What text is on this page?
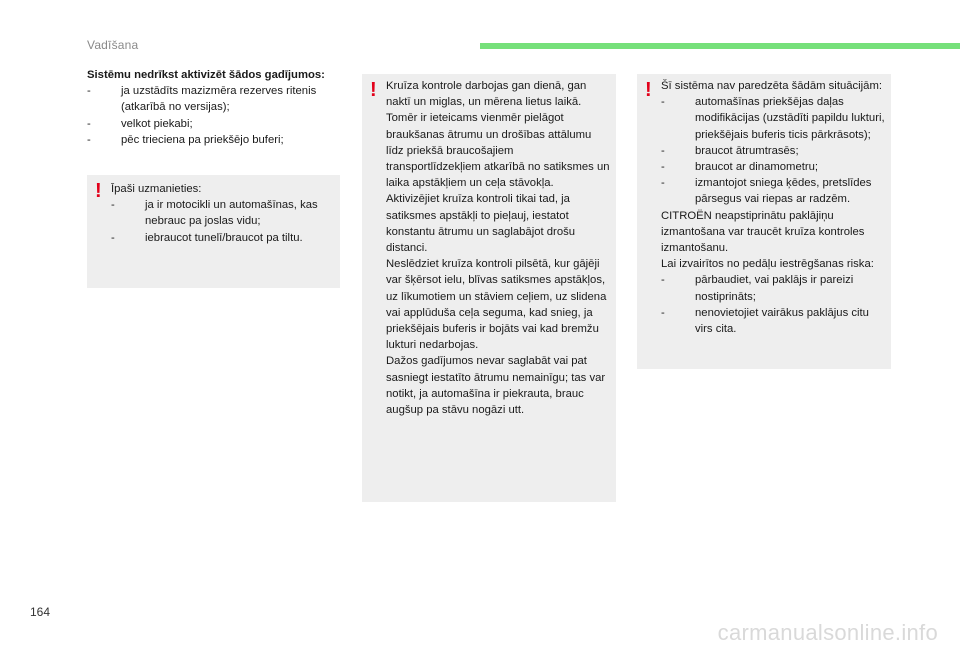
Vadīšana
Sistēmu nedrīkst aktivizēt šādos gadījumos:
-	ja uzstādīts mazizmēra rezerves ritenis (atkarībā no versijas);
-	velkot piekabi;
-	pēc trieciena pa priekšējo buferi;
! Īpaši uzmanieties:

-	ja ir motocikli un automašīnas, kas nebrauc pa joslas vidu;
-	iebraucot tunelī/braucot pa tiltu.
! Kruīza kontrole darbojas gan dienā, gan naktī un miglas, un mērena lietus laikā.

Tomēr ir ieteicams vienmēr pielāgot braukšanas ātrumu un drošības attālumu līdz priekšā braucošajiem transportlīdzekļiem atkarībā no satiksmes un laika apstākļiem un ceļa stāvokļa.

Aktivizējiet kruīza kontroli tikai tad, ja satiksmes apstākļi to pieļauj, iestatot konstantu ātrumu un saglabājot drošu distanci.

Neslēdziet kruīza kontroli pilsētā, kur gājēji var šķērsot ielu, blīvas satiksmes apstākļos, uz līkumotiem un stāviem ceļiem, uz slidena vai applūduša ceļa seguma, kad snieg, ja priekšējais buferis ir bojāts vai kad bremžu lukturi nedarbojas.

Dažos gadījumos nevar saglabāt vai pat sasniegt iestatīto ātrumu nemainīgu; tas var notikt, ja automašīna ir piekrauta, brauc augšup pa stāvu nogāzi utt.

! Šī sistēma nav paredzēta šādām situācijām:

-	automašīnas priekšējas daļas modifikācijas (uzstādīti papildu lukturi, priekšējais buferis ticis pārkrāsots);
-	braucot ātrumtrasēs;
-	braucot ar dinamometru;
-	izmantojot sniega ķēdes, pretslīdes pārsegus vai riepas ar radzēm.

CITROËN neapstiprinātu paklājiņu izmantošana var traucēt kruīza kontroles izmantošanu.

Lai izvairītos no pedāļu iestrēgšanas riska:

-	pārbaudiet, vai paklājs ir pareizi nostiprināts;
-	nenovietojiet vairākus paklājus citu virs cita.
164
carmanualsonline.info
